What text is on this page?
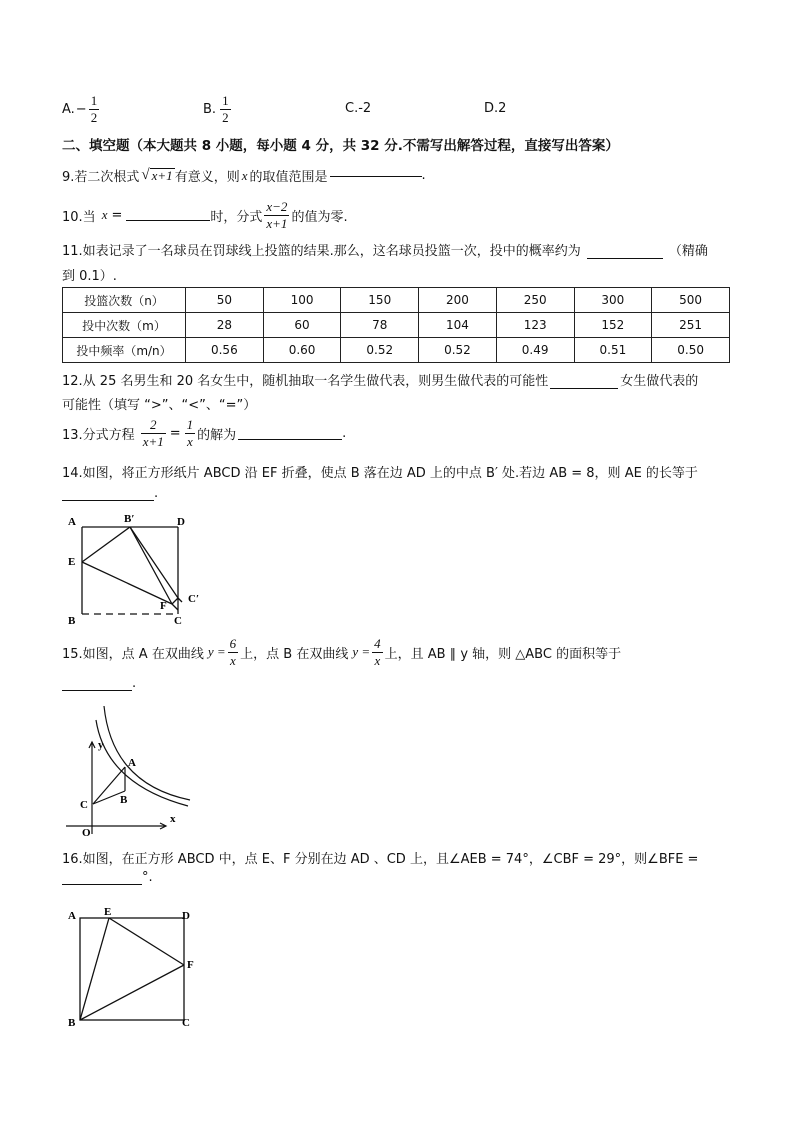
A. − $\frac{1}{2}$	B. $\frac{1}{2}$	C.-2	D.2
二、填空题（本大题共 8 小题，每小题 4 分，共 32 分.不需写出解答过程，直接写出答案）
9.若二次根式 √ x+1 有意义，则 x 的取值范围是	.
10.当 x =	时，分式 $\frac{x-2}{x+1}$ 的值为零.
11.如表记录了一名球员在罚球线上投篮的结果.那么，这名球员投篮一次，投中的概率约为	（精确
到 0.1）.
投篮次数（n）	50	100	150	200	250	300	500
投中次数（m）	28	60	78	104	123	152	251
投中频率（m/n）	0.56	0.60	0.52	0.52	0.49	0.51	0.50
12.从 25 名男生和 20 名女生中，随机抽取一名学生做代表，则男生做代表的可能性	女生做代表的
可能性（填写 “>”、“<”、“=”）
13.分式方程 $\frac{2}{x+1} = \frac{1}{x}$ 的解为	.
14.如图，将正方形纸片 ABCD 沿 EF 折叠，使点 B 落在边 AD 上的中点 B′ 处.若边 AB = 8，则 AE 的长等于
.
A	B′	D
E
B
F
C
C′
15.如图，点 A 在双曲线 $y = \frac{6}{x}$ 上，点 B 在双曲线 $y = \frac{4}{x}$ 上，且 AB ∥ y 轴，则 △ABC 的面积等于
.
y
x
O
A
B
C
16.如图，在正方形 ABCD 中，点 E、F 分别在边 AD 、CD 上，且∠AEB = 74°，∠CBF = 29°，则∠BFE =
°.
A	E	D
F
B	C
